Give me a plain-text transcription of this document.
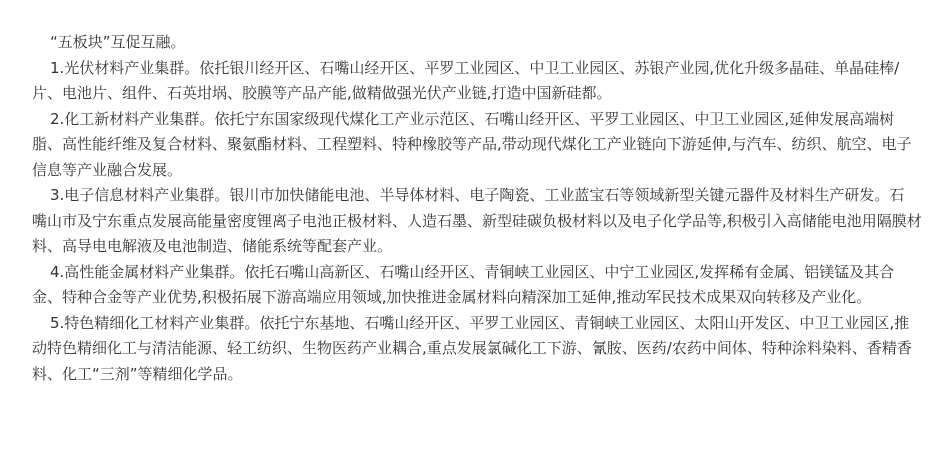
“五板块”互促互融。

1.光伏材料产业集群。依托银川经开区、石嘴山经开区、平罗工业园区、中卫工业园区、苏银产业园,优化升级多晶硅、单晶硅棒/
片、电池片、组件、石英坩埚、胶膜等产品产能,做精做强光伏产业链,打造中国新硅都。

2.化工新材料产业集群。依托宁东国家级现代煤化工产业示范区、石嘴山经开区、平罗工业园区、中卫工业园区,延伸发展高端树
脂、高性能纤维及复合材料、聚氨酯材料、工程塑料、特种橡胶等产品,带动现代煤化工产业链向下游延伸,与汽车、纺织、航空、电子
信息等产业融合发展。

3.电子信息材料产业集群。银川市加快储能电池、半导体材料、电子陶瓷、工业蓝宝石等领域新型关键元器件及材料生产研发。石
嘴山市及宁东重点发展高能量密度锂离子电池正极材料、人造石墨、新型硅碳负极材料以及电子化学品等,积极引入高储能电池用隔膜材
料、高导电电解液及电池制造、储能系统等配套产业。

4.高性能金属材料产业集群。依托石嘴山高新区、石嘴山经开区、青铜峡工业园区、中宁工业园区,发挥稀有金属、铝镁锰及其合
金、特种合金等产业优势,积极拓展下游高端应用领域,加快推进金属材料向精深加工延伸,推动军民技术成果双向转移及产业化。

5.特色精细化工材料产业集群。依托宁东基地、石嘴山经开区、平罗工业园区、青铜峡工业园区、太阳山开发区、中卫工业园区,推
动特色精细化工与清洁能源、轻工纺织、生物医药产业耦合,重点发展氯碱化工下游、氰胺、医药/农药中间体、特种涂料染料、香精香
料、化工“三剂”等精细化学品。
